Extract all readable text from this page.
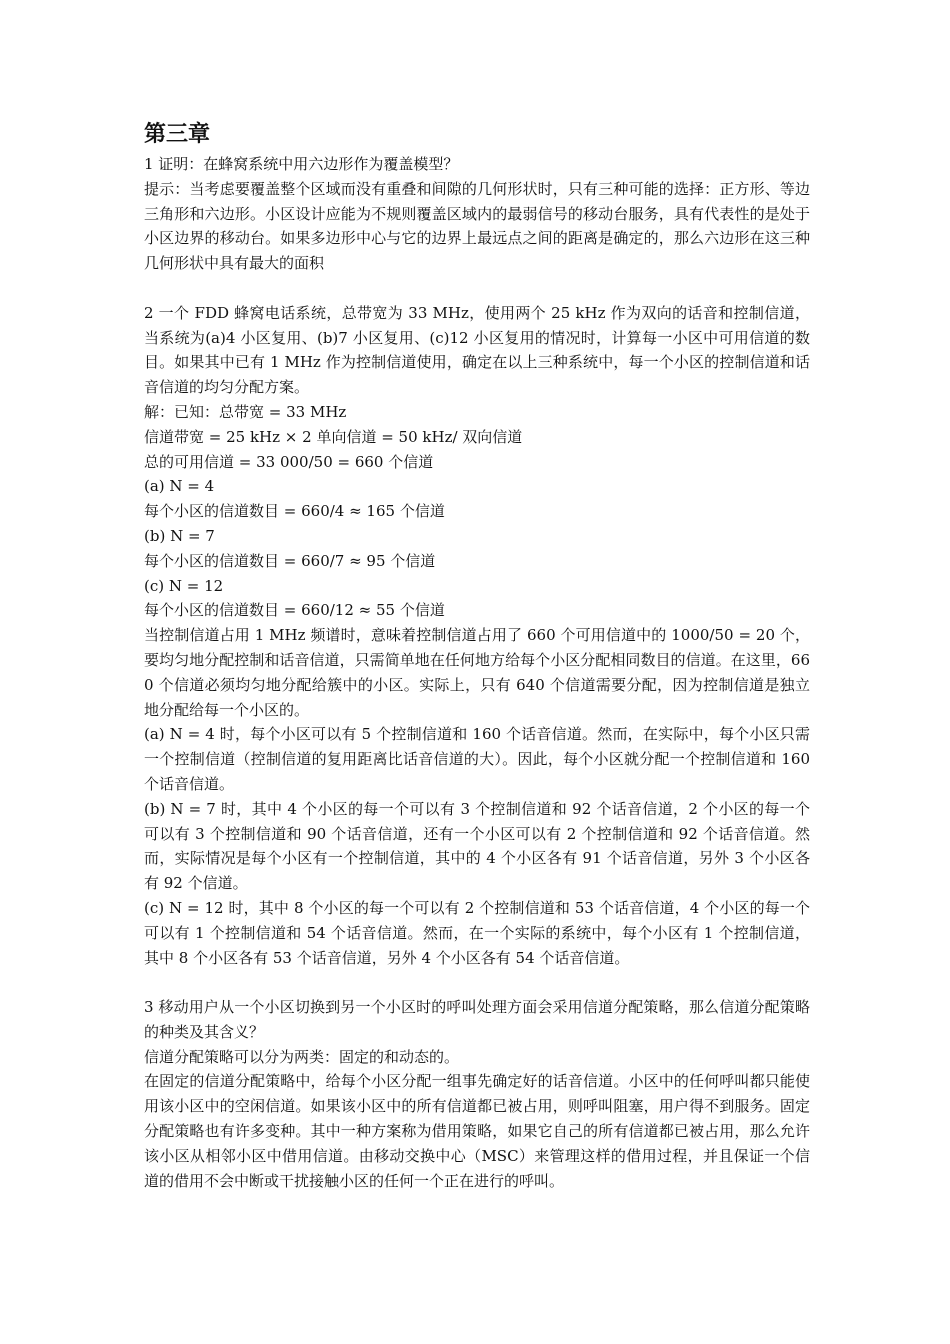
第三章

1 证明：在蜂窝系统中用六边形作为覆盖模型？

提示：当考虑要覆盖整个区域而没有重叠和间隙的几何形状时，只有三种可能的选择：正方形、等边三角形和六边形。小区设计应能为不规则覆盖区域内的最弱信号的移动台服务，具有代表性的是处于小区边界的移动台。如果多边形中心与它的边界上最远点之间的距离是确定的，那么六边形在这三种几何形状中具有最大的面积

2 一个 FDD 蜂窝电话系统，总带宽为 33 MHz，使用两个 25 kHz 作为双向的话音和控制信道，当系统为(a)4 小区复用、(b)7 小区复用、(c)12 小区复用的情况时，计算每一小区中可用信道的数目。如果其中已有 1 MHz 作为控制信道使用，确定在以上三种系统中，每一个小区的控制信道和话音信道的均匀分配方案。

解：已知：总带宽 = 33 MHz

信道带宽 = 25 kHz × 2 单向信道 = 50 kHz/ 双向信道

总的可用信道 = 33 000/50 = 660 个信道

(a) N = 4

每个小区的信道数目 = 660/4 ≈ 165 个信道

(b) N = 7

每个小区的信道数目 = 660/7 ≈ 95 个信道

(c) N = 12

每个小区的信道数目 = 660/12 ≈ 55 个信道

当控制信道占用 1 MHz 频谱时，意味着控制信道占用了 660 个可用信道中的 1000/50 = 20 个，要均匀地分配控制和话音信道，只需简单地在任何地方给每个小区分配相同数目的信道。在这里，660 个信道必须均匀地分配给簇中的小区。实际上，只有 640 个信道需要分配，因为控制信道是独立地分配给每一个小区的。

(a) N = 4 时，每个小区可以有 5 个控制信道和 160 个话音信道。然而，在实际中，每个小区只需一个控制信道（控制信道的复用距离比话音信道的大）。因此，每个小区就分配一个控制信道和 160 个话音信道。

(b) N = 7 时，其中 4 个小区的每一个可以有 3 个控制信道和 92 个话音信道，2 个小区的每一个可以有 3 个控制信道和 90 个话音信道，还有一个小区可以有 2 个控制信道和 92 个话音信道。然而，实际情况是每个小区有一个控制信道，其中的 4 个小区各有 91 个话音信道，另外 3 个小区各有 92 个信道。

(c) N = 12 时，其中 8 个小区的每一个可以有 2 个控制信道和 53 个话音信道，4 个小区的每一个可以有 1 个控制信道和 54 个话音信道。然而，在一个实际的系统中，每个小区有 1 个控制信道，其中 8 个小区各有 53 个话音信道，另外 4 个小区各有 54 个话音信道。

3 移动用户从一个小区切换到另一个小区时的呼叫处理方面会采用信道分配策略，那么信道分配策略的种类及其含义？

信道分配策略可以分为两类：固定的和动态的。

在固定的信道分配策略中，给每个小区分配一组事先确定好的话音信道。小区中的任何呼叫都只能使用该小区中的空闲信道。如果该小区中的所有信道都已被占用，则呼叫阻塞，用户得不到服务。固定分配策略也有许多变种。其中一种方案称为借用策略，如果它自己的所有信道都已被占用，那么允许该小区从相邻小区中借用信道。由移动交换中心（MSC）来管理这样的借用过程，并且保证一个信道的借用不会中断或干扰接触小区的任何一个正在进行的呼叫。
